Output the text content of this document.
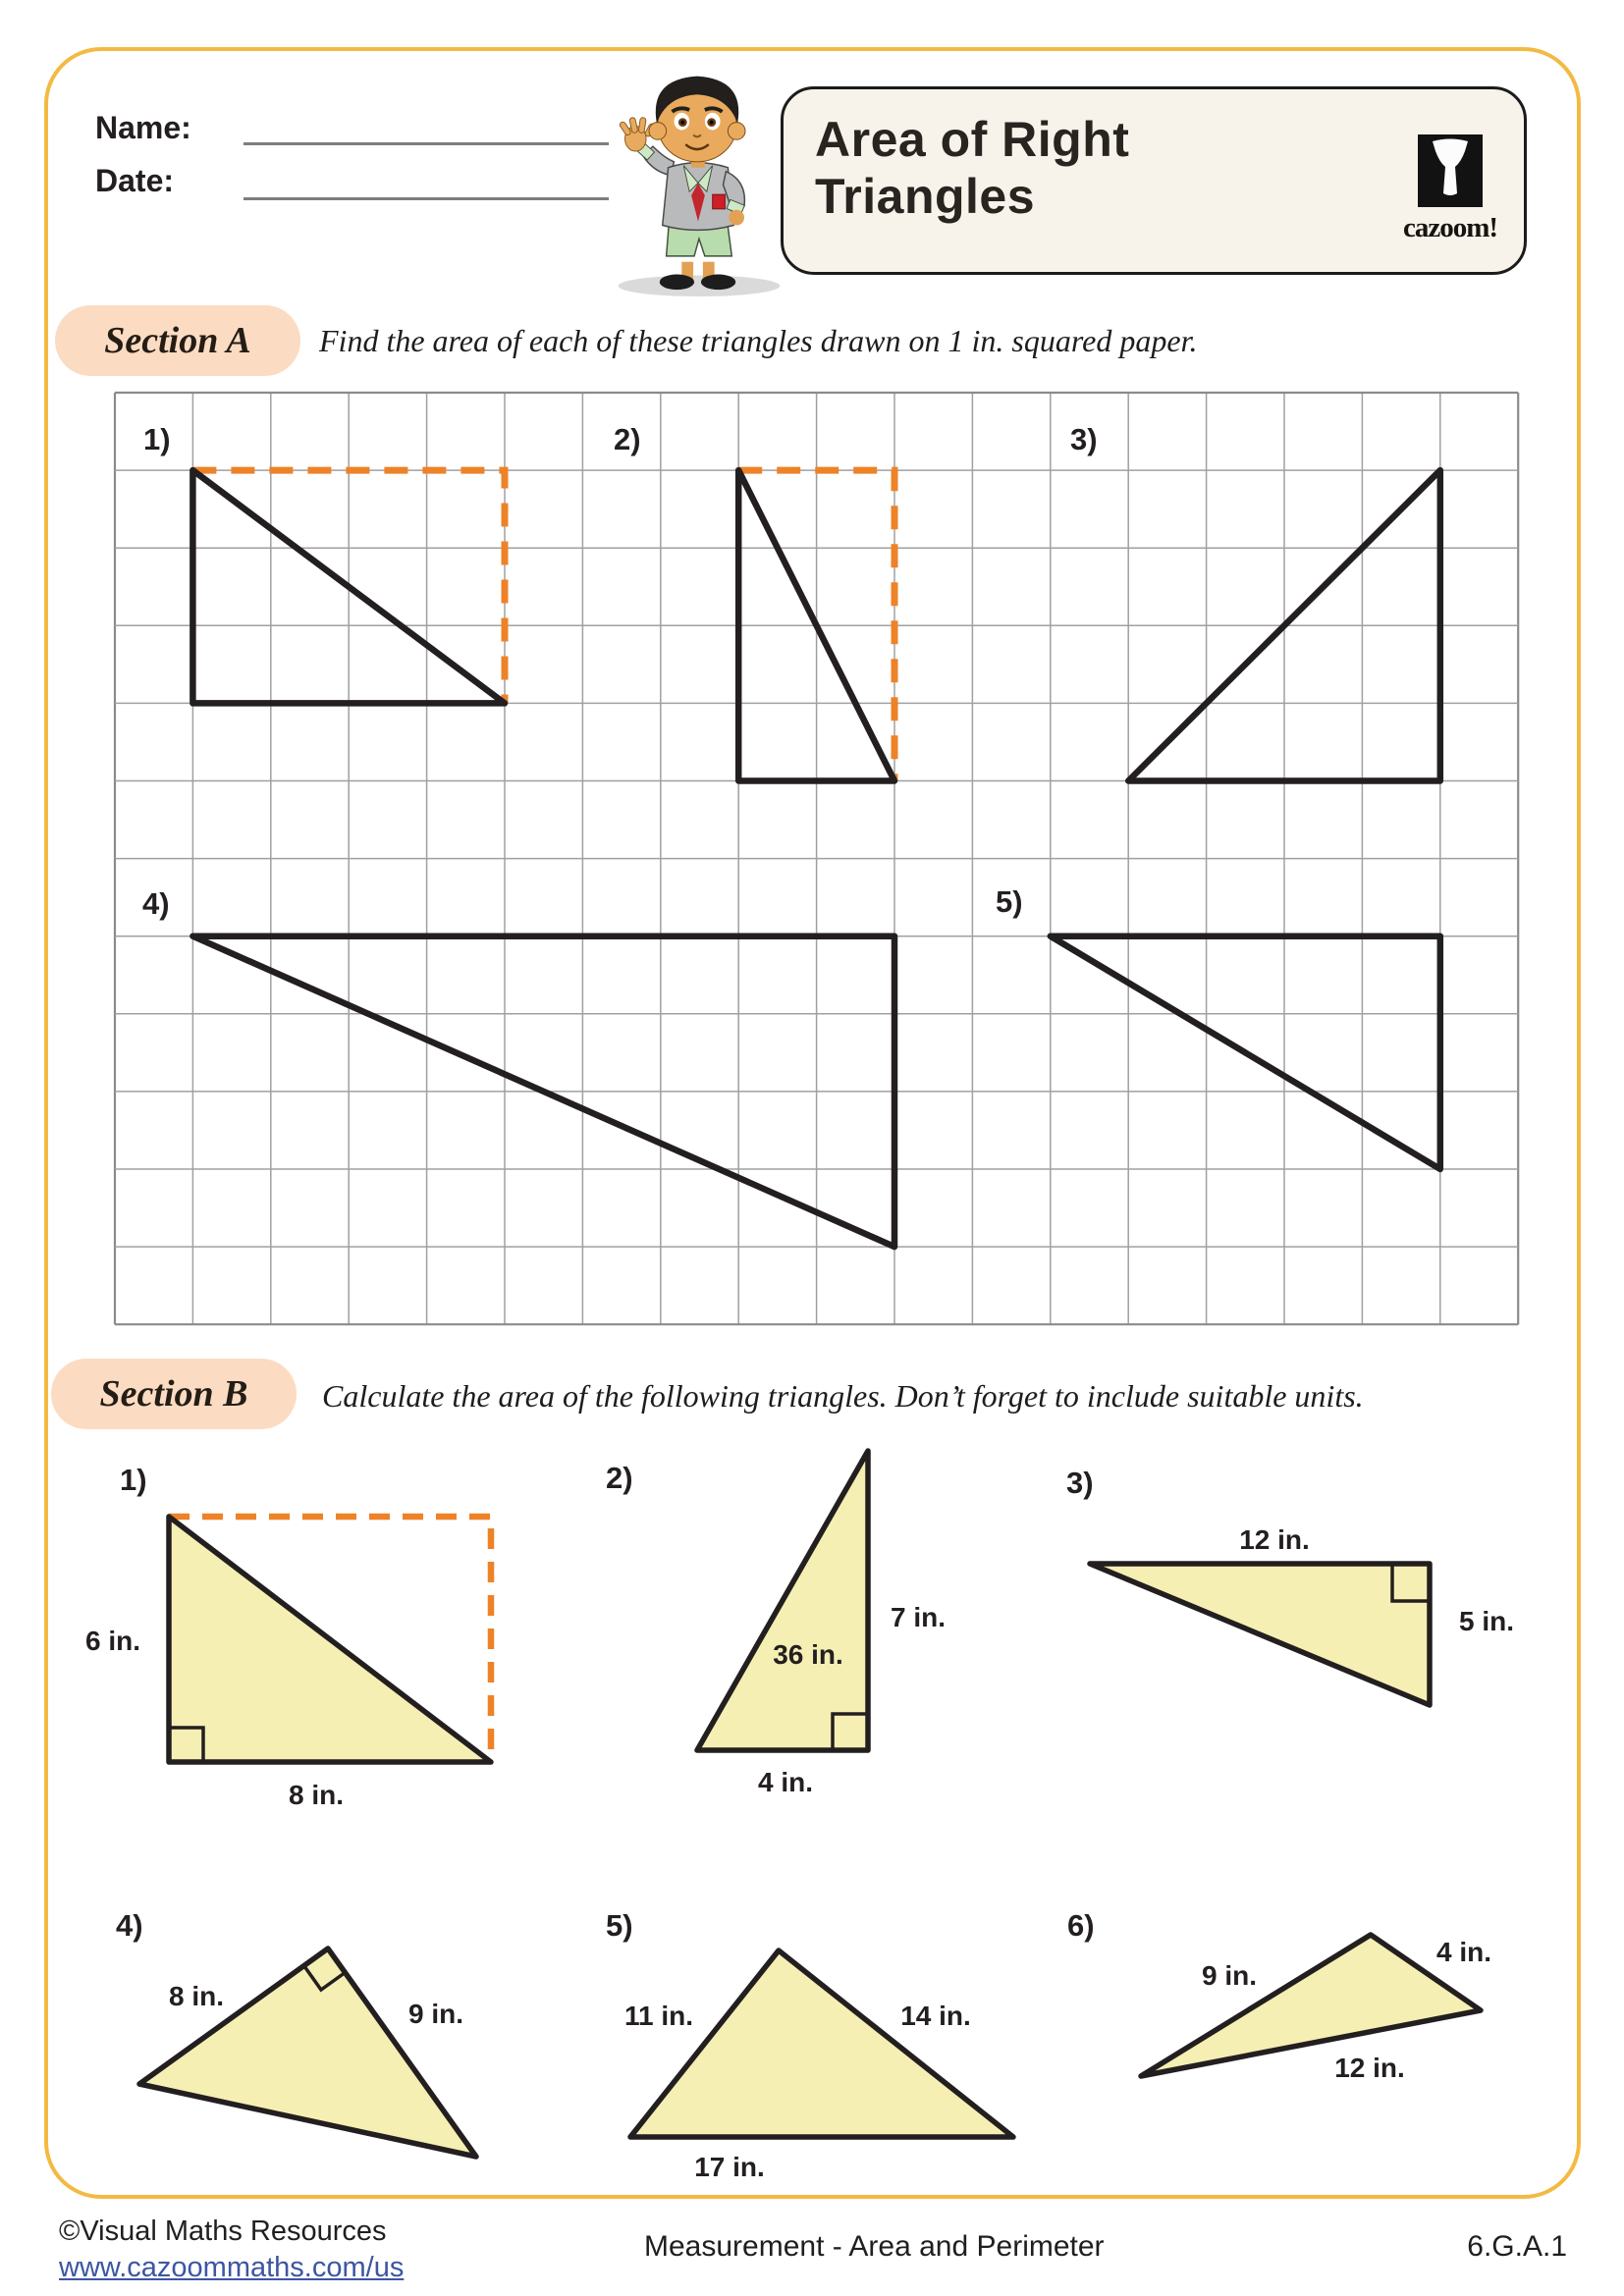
Name:
Date:
Area of Right
Triangles
cazoom!
Section A	Find the area of each of these triangles drawn on 1 in. squared paper.
Section B	Calculate the area of the following triangles. Don’t forget to include suitable units.
1)	2)	3)
4)	5)
6 in.
8 in.
1)
7 in.
36 in.
4 in.
2)
12 in.
5 in.
3)
8 in.
9 in.
4)
11 in.	14 in.
17 in.
5)
9 in.
4 in.
12 in.
6)
©Visual Maths Resources
www.cazoommaths.com/us
Measurement - Area and Perimeter	6.G.A.1
